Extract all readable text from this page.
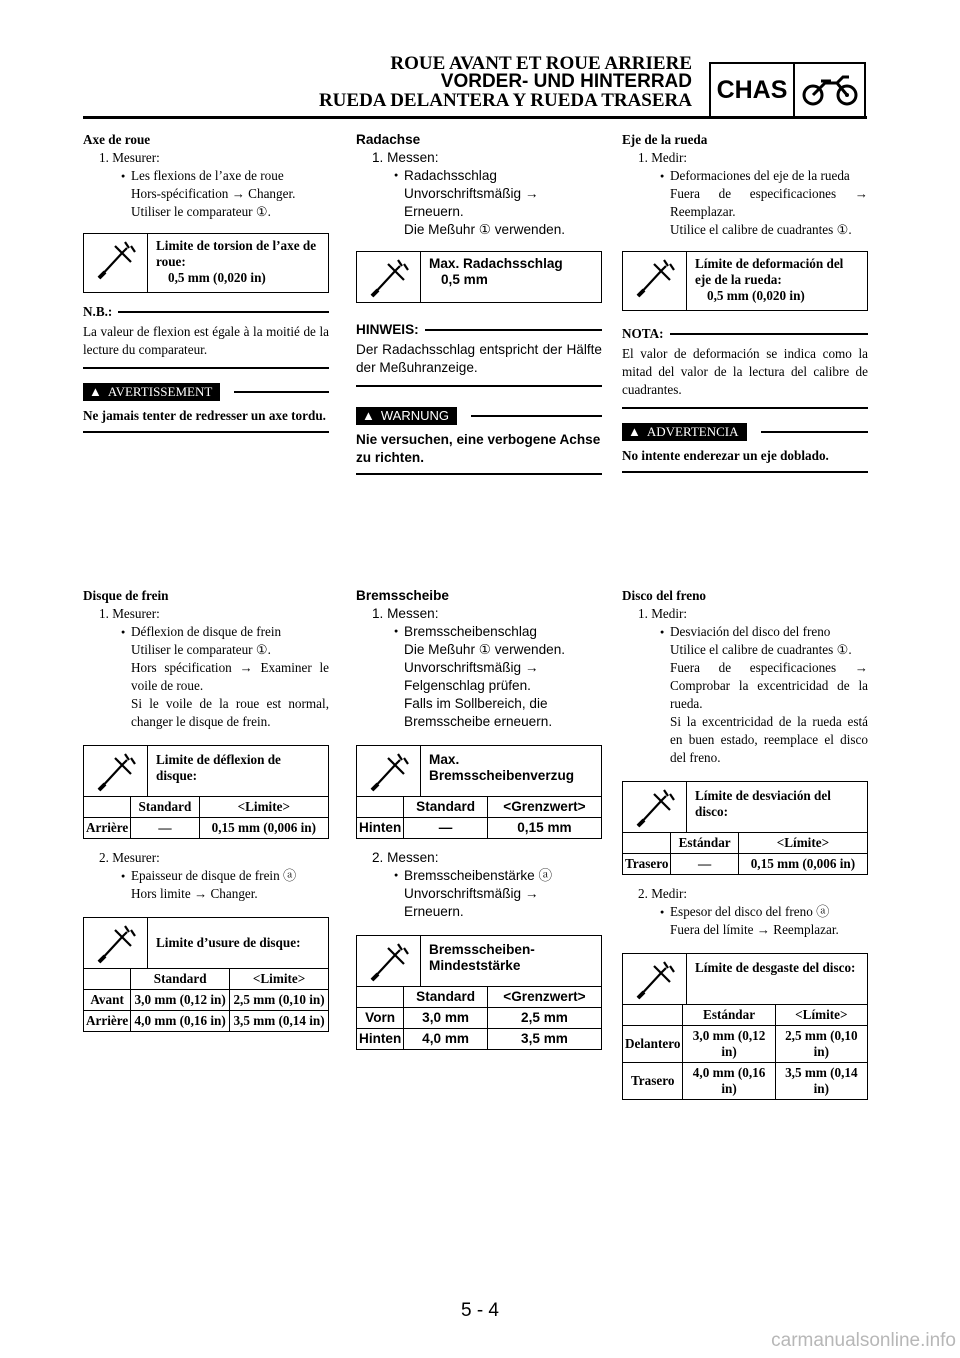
ROUE AVANT ET ROUE ARRIERE
VORDER- UND HINTERRAD
RUEDA DELANTERA Y RUEDA TRASERA CHAS
Axe de roue
1. Mesurer:
● Les flexions de l’axe de roue
Hors-spécification → Changer.
Utiliser le comparateur ①.
Limite de torsion de l’axe de roue:
0,5 mm (0,020 in)
N.B.:
La valeur de flexion est égale à la moitié de la lecture du comparateur.
▲ AVERTISSEMENT
Ne jamais tenter de redresser un axe tordu.
Radachse
1. Messen:
● Radachsschlag
Unvorschriftsmäßig →
Erneuern.
Die Meßuhr ① verwenden.
Max. Radachsschlag
0,5 mm
HINWEIS:
Der Radachsschlag entspricht der Hälfte der Meßuhranzeige.
▲ WARNUNG
Nie versuchen, eine verbogene Achse zu richten.
Eje de la rueda
1. Medir:
● Deformaciones del eje de la rueda
Fuera de especificaciones → Reemplazar.
Utilice el calibre de cuadrantes ①.
Límite de deformación del eje de la rueda:
0,5 mm (0,020 in)
NOTA:
El valor de deformación se indica como la mitad del valor de la lectura del calibre de cuadrantes.
▲ ADVERTENCIA
No intente enderezar un eje doblado.
Disque de frein
1. Mesurer:
● Déflexion de disque de frein
Utiliser le comparateur ①.
Hors spécification → Examiner le voile de roue.
Si le voile de la roue est normal, changer le disque de frein.
Limite de déflexion de disque:
	Standard	<Limite>
Arrière	—	0,15 mm (0,006 in)
2. Mesurer:
● Epaisseur de disque de frein ⓐ
Hors limite → Changer.
Limite d’usure de disque:
	Standard	<Limite>
Avant	3,0 mm (0,12 in)	2,5 mm (0,10 in)
Arrière	4,0 mm (0,16 in)	3,5 mm (0,14 in)
Bremsscheibe
1. Messen:
● Bremsscheibenschlag
Die Meßuhr ① verwenden.
Unvorschriftsmäßig → Felgenschlag prüfen.
Falls im Sollbereich, die Bremsscheibe erneuern.
Max. Bremsscheibenverzug
	Standard	<Grenzwert>
Hinten	—	0,15 mm
2. Messen:
● Bremsscheibenstärke ⓐ
Unvorschriftsmäßig →
Erneuern.
Bremsscheiben-Mindeststärke
	Standard	<Grenzwert>
Vorn	3,0 mm	2,5 mm
Hinten	4,0 mm	3,5 mm
Disco del freno
1. Medir:
● Desviación del disco del freno
Utilice el calibre de cuadrantes ①.
Fuera de especificaciones → Comprobar la excentricidad de la rueda.
Si la excentricidad de la rueda está en buen estado, reemplace el disco del freno.
Límite de desviación del disco:
	Estándar	<Límite>
Trasero	—	0,15 mm (0,006 in)
2. Medir:
● Espesor del disco del freno ⓐ
Fuera del límite → Reemplazar.
Límite de desgaste del disco:
	Estándar	<Límite>
Delantero	3,0 mm (0,12 in)	2,5 mm (0,10 in)
Trasero	4,0 mm (0,16 in)	3,5 mm (0,14 in)
5 - 4
carmanualsonline.info
